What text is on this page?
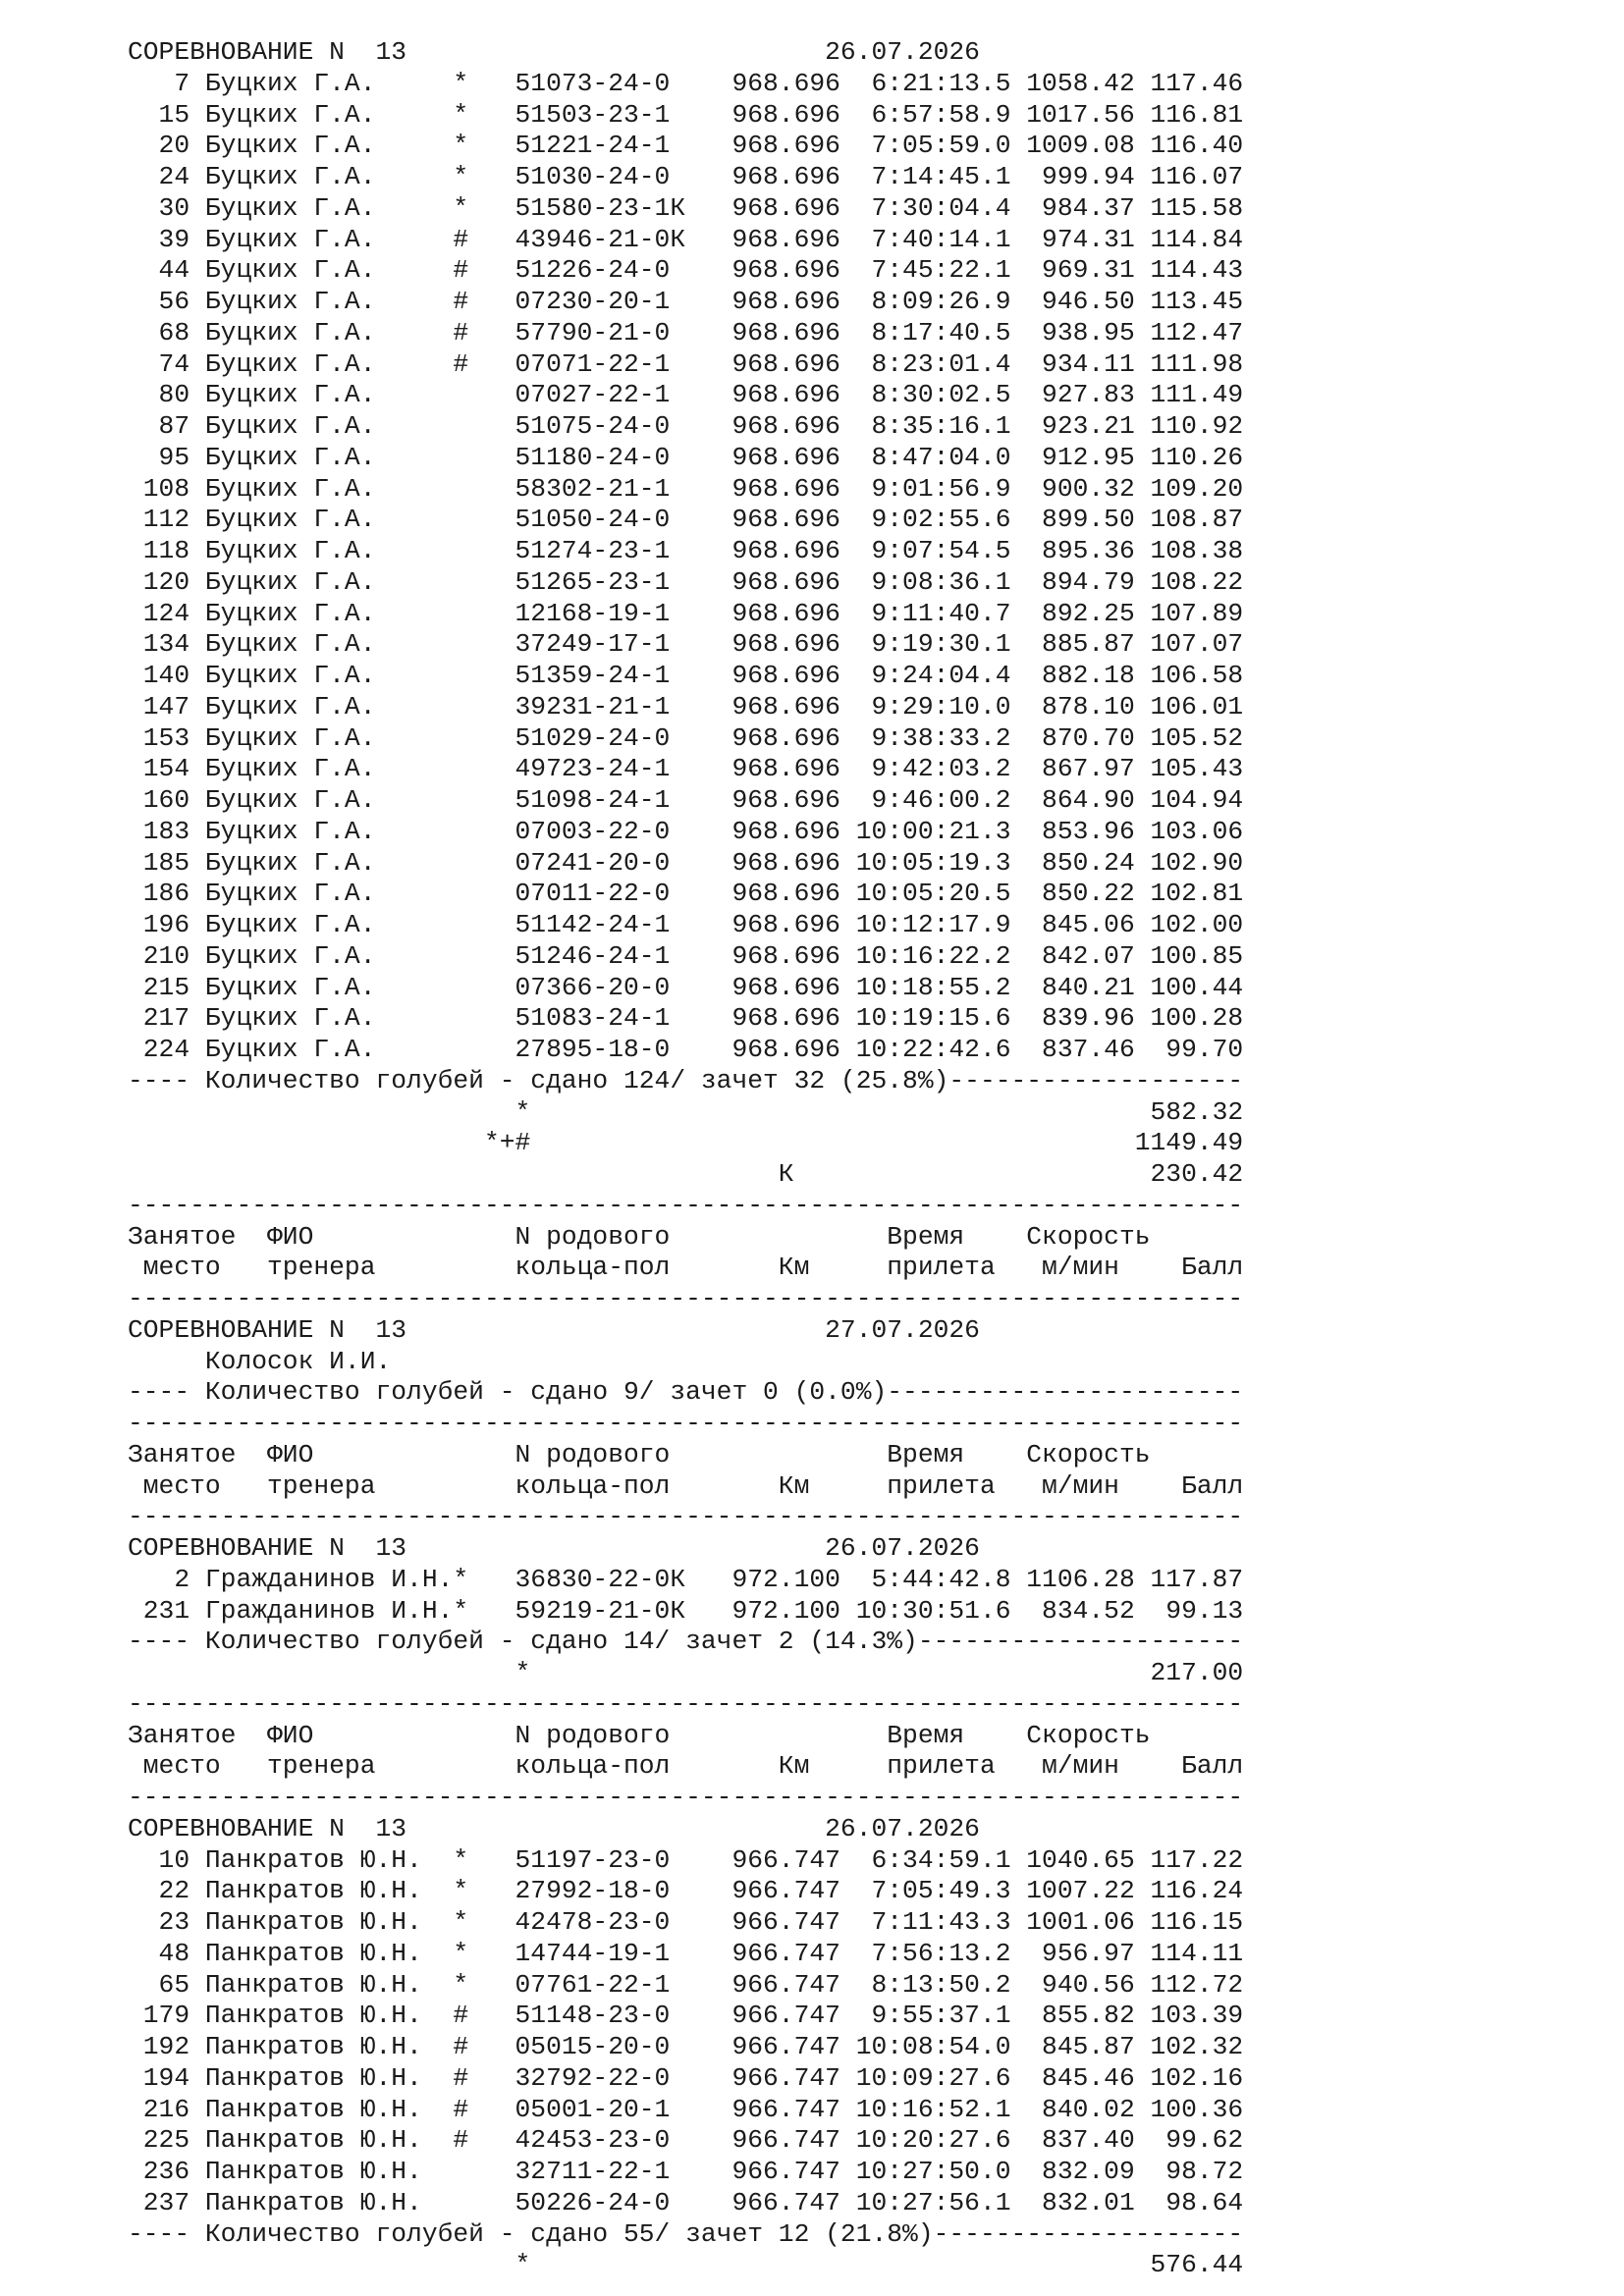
СОРЕВНОВАНИЕ N  13                           26.07.2026
7 Буцких Г.А.     *   51073-24-0    968.696  6:21:13.5 1058.42 117.46
15 Буцких Г.А.     *   51503-23-1    968.696  6:57:58.9 1017.56 116.81
20 Буцких Г.А.     *   51221-24-1    968.696  7:05:59.0 1009.08 116.40
24 Буцких Г.А.     *   51030-24-0    968.696  7:14:45.1  999.94 116.07
30 Буцких Г.А.     *   51580-23-1К   968.696  7:30:04.4  984.37 115.58
39 Буцких Г.А.     #   43946-21-0К   968.696  7:40:14.1  974.31 114.84
44 Буцких Г.А.     #   51226-24-0    968.696  7:45:22.1  969.31 114.43
56 Буцких Г.А.     #   07230-20-1    968.696  8:09:26.9  946.50 113.45
68 Буцких Г.А.     #   57790-21-0    968.696  8:17:40.5  938.95 112.47
74 Буцких Г.А.     #   07071-22-1    968.696  8:23:01.4  934.11 111.98
80 Буцких Г.А.         07027-22-1    968.696  8:30:02.5  927.83 111.49
87 Буцких Г.А.         51075-24-0    968.696  8:35:16.1  923.21 110.92
95 Буцких Г.А.         51180-24-0    968.696  8:47:04.0  912.95 110.26
108 Буцких Г.А.         58302-21-1    968.696  9:01:56.9  900.32 109.20
112 Буцких Г.А.         51050-24-0    968.696  9:02:55.6  899.50 108.87
118 Буцких Г.А.         51274-23-1    968.696  9:07:54.5  895.36 108.38
120 Буцких Г.А.         51265-23-1    968.696  9:08:36.1  894.79 108.22
124 Буцких Г.А.         12168-19-1    968.696  9:11:40.7  892.25 107.89
134 Буцких Г.А.         37249-17-1    968.696  9:19:30.1  885.87 107.07
140 Буцких Г.А.         51359-24-1    968.696  9:24:04.4  882.18 106.58
147 Буцких Г.А.         39231-21-1    968.696  9:29:10.0  878.10 106.01
153 Буцких Г.А.         51029-24-0    968.696  9:38:33.2  870.70 105.52
154 Буцких Г.А.         49723-24-1    968.696  9:42:03.2  867.97 105.43
160 Буцких Г.А.         51098-24-1    968.696  9:46:00.2  864.90 104.94
183 Буцких Г.А.         07003-22-0    968.696 10:00:21.3  853.96 103.06
185 Буцких Г.А.         07241-20-0    968.696 10:05:19.3  850.24 102.90
186 Буцких Г.А.         07011-22-0    968.696 10:05:20.5  850.22 102.81
196 Буцких Г.А.         51142-24-1    968.696 10:12:17.9  845.06 102.00
210 Буцких Г.А.         51246-24-1    968.696 10:16:22.2  842.07 100.85
215 Буцких Г.А.         07366-20-0    968.696 10:18:55.2  840.21 100.44
217 Буцких Г.А.         51083-24-1    968.696 10:19:15.6  839.96 100.28
224 Буцких Г.А.         27895-18-0    968.696 10:22:42.6  837.46  99.70
---- Количество голубей - сдано 124/ зачет 32 (25.8%)-------------------
*                                        582.32
*+#                                       1149.49
К                       230.42
------------------------------------------------------------------------
Занятое  ФИО             N родового              Время    Скорость
место   тренера         кольца-пол       Км     прилета   м/мин    Балл
------------------------------------------------------------------------
СОРЕВНОВАНИЕ N  13                           27.07.2026
Колосок И.И.
---- Количество голубей - сдано 9/ зачет 0 (0.0%)-----------------------
------------------------------------------------------------------------
Занятое  ФИО             N родового              Время    Скорость
место   тренера         кольца-пол       Км     прилета   м/мин    Балл
------------------------------------------------------------------------
СОРЕВНОВАНИЕ N  13                           26.07.2026
2 Гражданинов И.Н.*   36830-22-0К   972.100  5:44:42.8 1106.28 117.87
231 Гражданинов И.Н.*   59219-21-0К   972.100 10:30:51.6  834.52  99.13
---- Количество голубей - сдано 14/ зачет 2 (14.3%)---------------------
*                                        217.00
------------------------------------------------------------------------
Занятое  ФИО             N родового              Время    Скорость
место   тренера         кольца-пол       Км     прилета   м/мин    Балл
------------------------------------------------------------------------
СОРЕВНОВАНИЕ N  13                           26.07.2026
10 Панкратов Ю.Н.  *   51197-23-0    966.747  6:34:59.1 1040.65 117.22
22 Панкратов Ю.Н.  *   27992-18-0    966.747  7:05:49.3 1007.22 116.24
23 Панкратов Ю.Н.  *   42478-23-0    966.747  7:11:43.3 1001.06 116.15
48 Панкратов Ю.Н.  *   14744-19-1    966.747  7:56:13.2  956.97 114.11
65 Панкратов Ю.Н.  *   07761-22-1    966.747  8:13:50.2  940.56 112.72
179 Панкратов Ю.Н.  #   51148-23-0    966.747  9:55:37.1  855.82 103.39
192 Панкратов Ю.Н.  #   05015-20-0    966.747 10:08:54.0  845.87 102.32
194 Панкратов Ю.Н.  #   32792-22-0    966.747 10:09:27.6  845.46 102.16
216 Панкратов Ю.Н.  #   05001-20-1    966.747 10:16:52.1  840.02 100.36
225 Панкратов Ю.Н.  #   42453-23-0    966.747 10:20:27.6  837.40  99.62
236 Панкратов Ю.Н.      32711-22-1    966.747 10:27:50.0  832.09  98.72
237 Панкратов Ю.Н.      50226-24-0    966.747 10:27:56.1  832.01  98.64
---- Количество голубей - сдано 55/ зачет 12 (21.8%)--------------------
*                                        576.44
